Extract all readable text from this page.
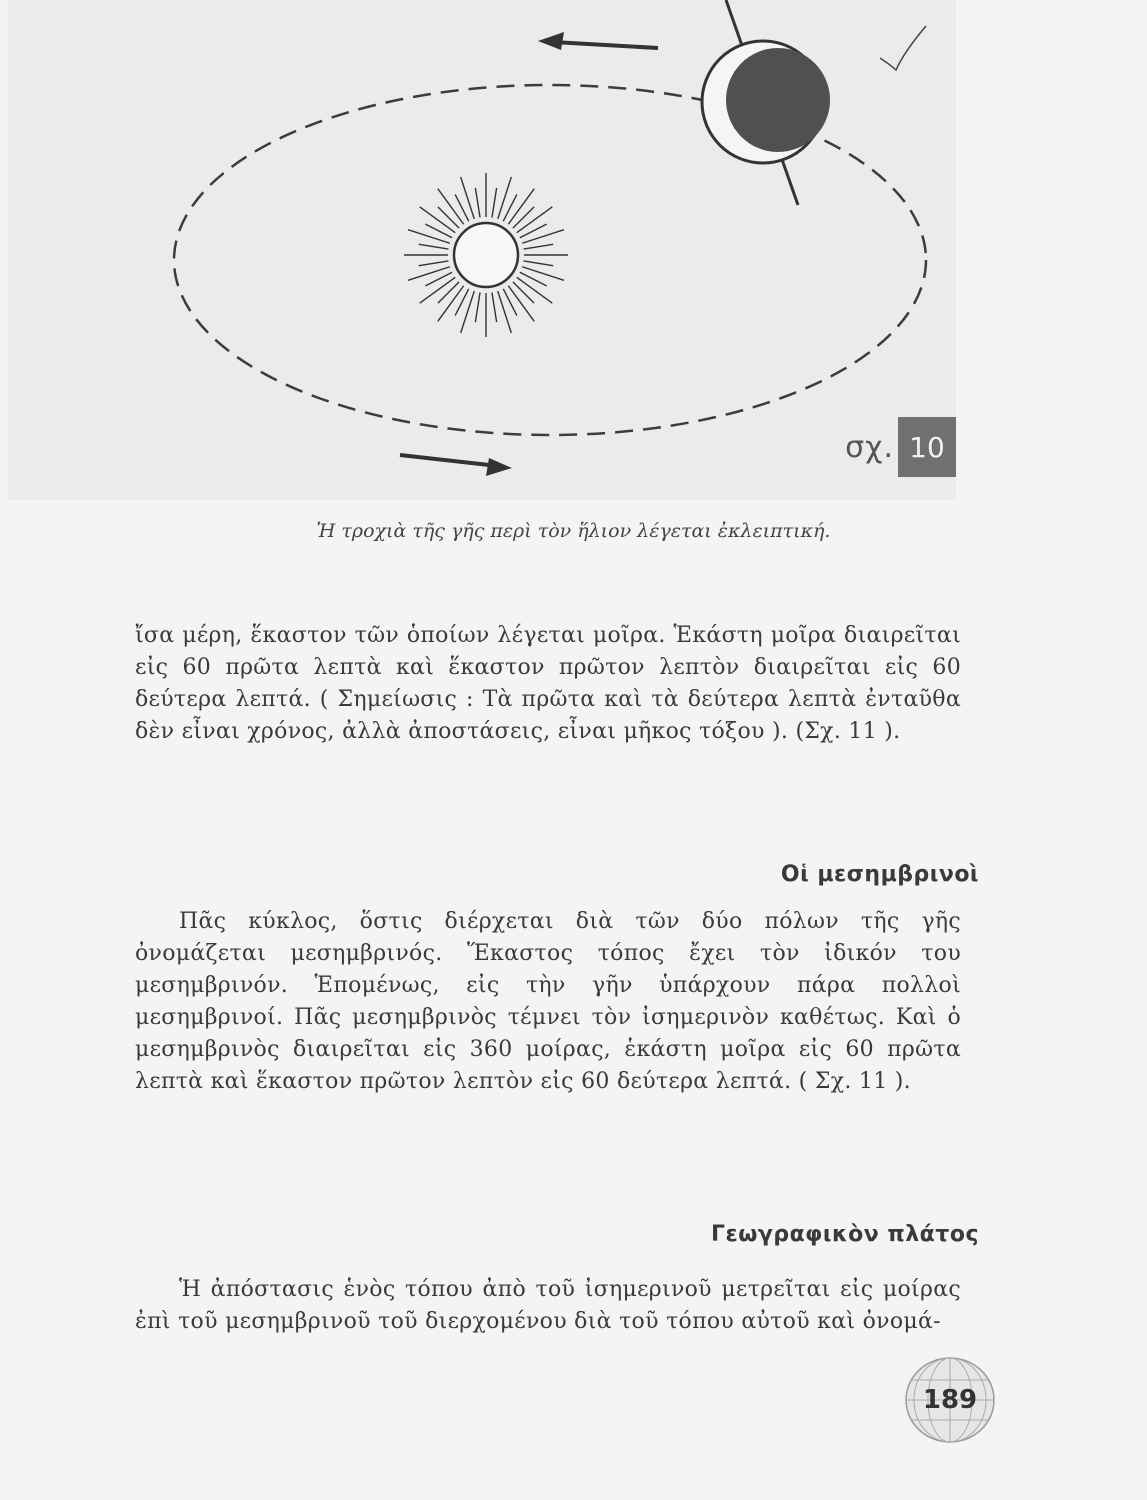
σχ. 10
Ἡ τροχιὰ τῆς γῆς περὶ τὸν ἥλιον λέγεται ἐκλειπτική.

ἴσα μέρη, ἕκαστον τῶν ὁποίων λέγεται μοῖρα. Ἑκάστη μοῖρα διαιρεῖται εἰς 60 πρῶτα λεπτὰ καὶ ἕκαστον πρῶτον λεπτὸν διαιρεῖται εἰς 60 δεύτερα λεπτά. ( Σημείωσις : Τὰ πρῶτα καὶ τὰ δεύτερα λεπτὰ ἐνταῦθα δὲν εἶναι χρόνος, ἀλλὰ ἀποστάσεις, εἶναι μῆκος τόξου ). (Σχ. 11 ).

Οἱ μεσημβρινοὶ

Πᾶς κύκλος, ὅστις διέρχεται διὰ τῶν δύο πόλων τῆς γῆς ὀνομάζεται μεσημβρινός. Ἕκαστος τόπος ἔχει τὸν ἰδικόν του μεσημβρινόν. Ἑπομένως, εἰς τὴν γῆν ὑπάρχουν πάρα πολλοὶ μεσημβρινοί. Πᾶς μεσημβρινὸς τέμνει τὸν ἰσημερινὸν καθέτως. Καὶ ὁ μεσημβρινὸς διαιρεῖται εἰς 360 μοίρας, ἑκάστη μοῖρα εἰς 60 πρῶτα λεπτὰ καὶ ἕκαστον πρῶτον λεπτὸν εἰς 60 δεύτερα λεπτά. ( Σχ. 11 ).

Γεωγραφικὸν πλάτος

Ἡ ἀπόστασις ἑνὸς τόπου ἀπὸ τοῦ ἰσημερινοῦ μετρεῖται εἰς μοίρας ἐπὶ τοῦ μεσημβρινοῦ τοῦ διερχομένου διὰ τοῦ τόπου αὐτοῦ καὶ ὀνομά-

189
